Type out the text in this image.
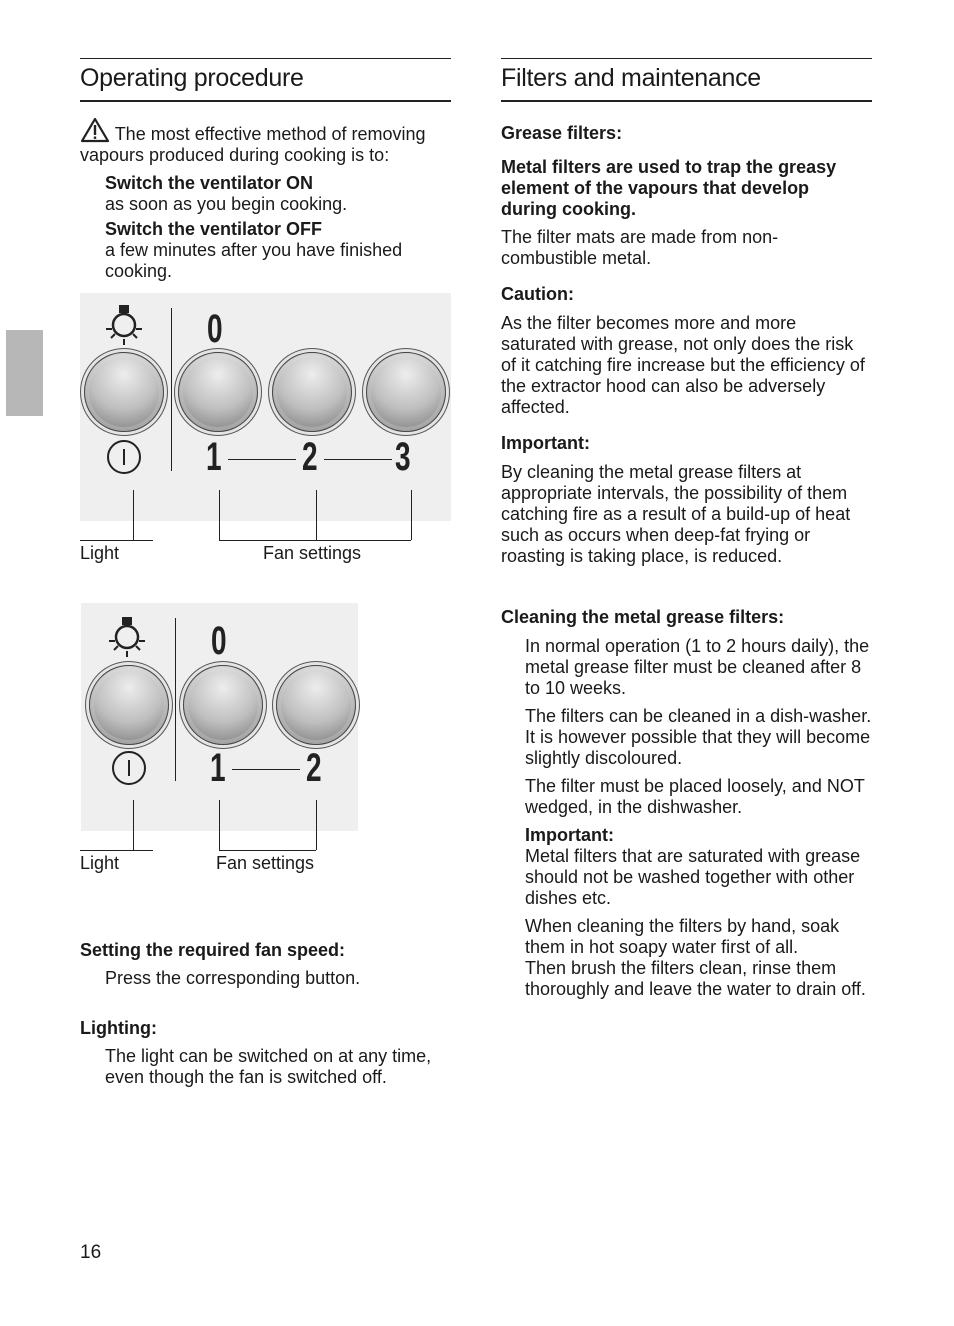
Operating procedure

The most effective method of removing vapours produced during cooking is to:

Switch the ventilator ON

as soon as you begin cooking.

Switch the ventilator OFF

a few minutes after you have finished cooking.

0
1 2 3
Light	Fan settings
0
1 2
Light	Fan settings

Setting the required fan speed:

Press the corresponding button.

Lighting:

The light can be switched on at any time, even though the fan is switched off.

Filters and maintenance

Grease filters:

Metal filters are used to trap the greasy element of the vapours that develop during cooking.

The filter mats are made from non-combustible metal.

Caution:

As the filter becomes more and more saturated with grease, not only does the risk of it catching fire increase but the efficiency of the extractor hood can also be adversely affected.

Important:

By cleaning the metal grease filters at appropriate intervals, the possibility of them catching fire as a result of a build-up of heat such as occurs when deep-fat frying or roasting is taking place, is reduced.

Cleaning the metal grease filters:

In normal operation (1 to 2 hours daily), the metal grease filter must be cleaned after 8 to 10 weeks.

The filters can be cleaned in a dish-washer. It is however possible that they will become slightly discoloured.

The filter must be placed loosely, and NOT wedged, in the dishwasher.

Important:

Metal filters that are saturated with grease should not be washed together with other dishes etc.

When cleaning the filters by hand, soak them in hot soapy water first of all.

Then brush the filters clean, rinse them thoroughly and leave the water to drain off.

16
